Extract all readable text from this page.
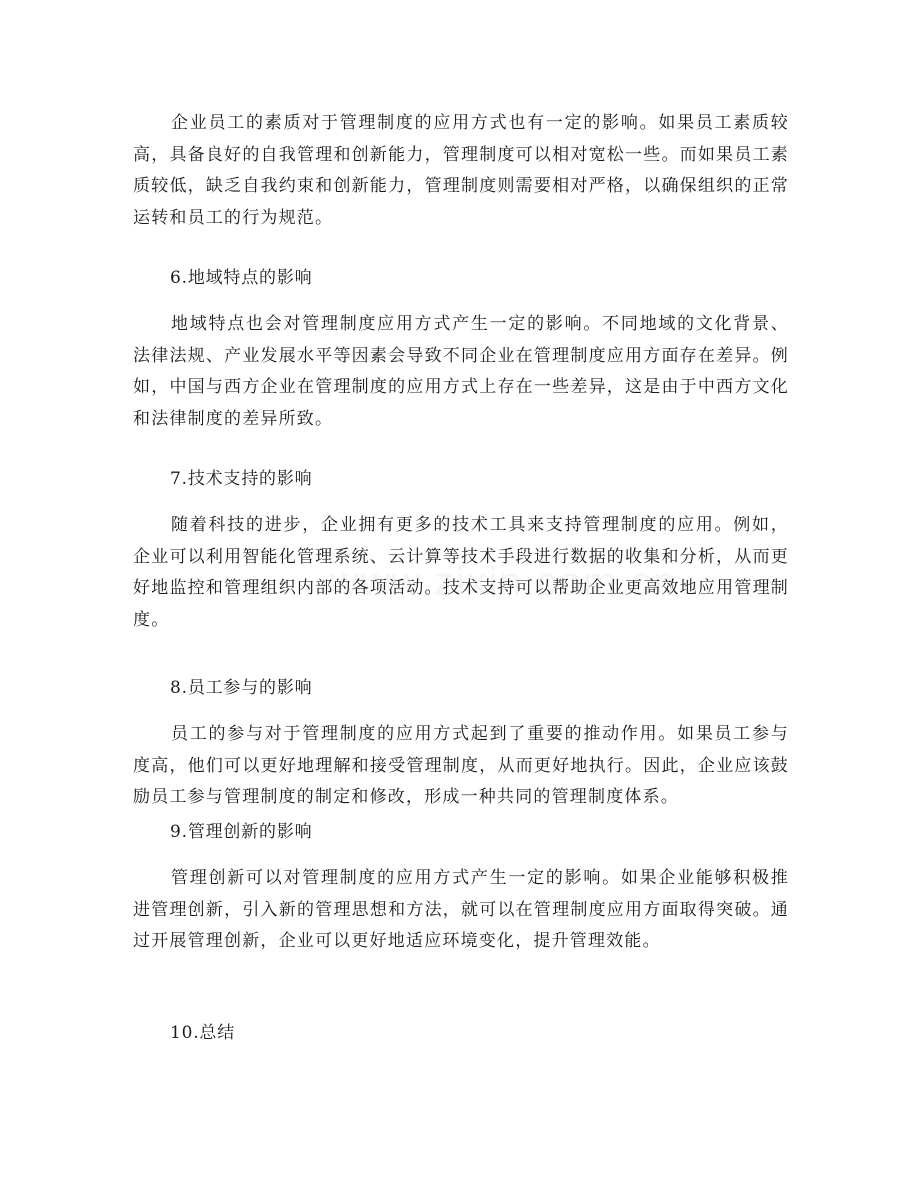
企业员工的素质对于管理制度的应用方式也有一定的影响。如果员工素质较高，具备良好的自我管理和创新能力，管理制度可以相对宽松一些。而如果员工素质较低，缺乏自我约束和创新能力，管理制度则需要相对严格，以确保组织的正常运转和员工的行为规范。

6.地域特点的影响

地域特点也会对管理制度应用方式产生一定的影响。不同地域的文化背景、法律法规、产业发展水平等因素会导致不同企业在管理制度应用方面存在差异。例如，中国与西方企业在管理制度的应用方式上存在一些差异，这是由于中西方文化和法律制度的差异所致。

7.技术支持的影响

随着科技的进步，企业拥有更多的技术工具来支持管理制度的应用。例如，企业可以利用智能化管理系统、云计算等技术手段进行数据的收集和分析，从而更好地监控和管理组织内部的各项活动。技术支持可以帮助企业更高效地应用管理制度。

8.员工参与的影响

员工的参与对于管理制度的应用方式起到了重要的推动作用。如果员工参与度高，他们可以更好地理解和接受管理制度，从而更好地执行。因此，企业应该鼓励员工参与管理制度的制定和修改，形成一种共同的管理制度体系。

9.管理创新的影响

管理创新可以对管理制度的应用方式产生一定的影响。如果企业能够积极推进管理创新，引入新的管理思想和方法，就可以在管理制度应用方面取得突破。通过开展管理创新，企业可以更好地适应环境变化，提升管理效能。

10.总结
